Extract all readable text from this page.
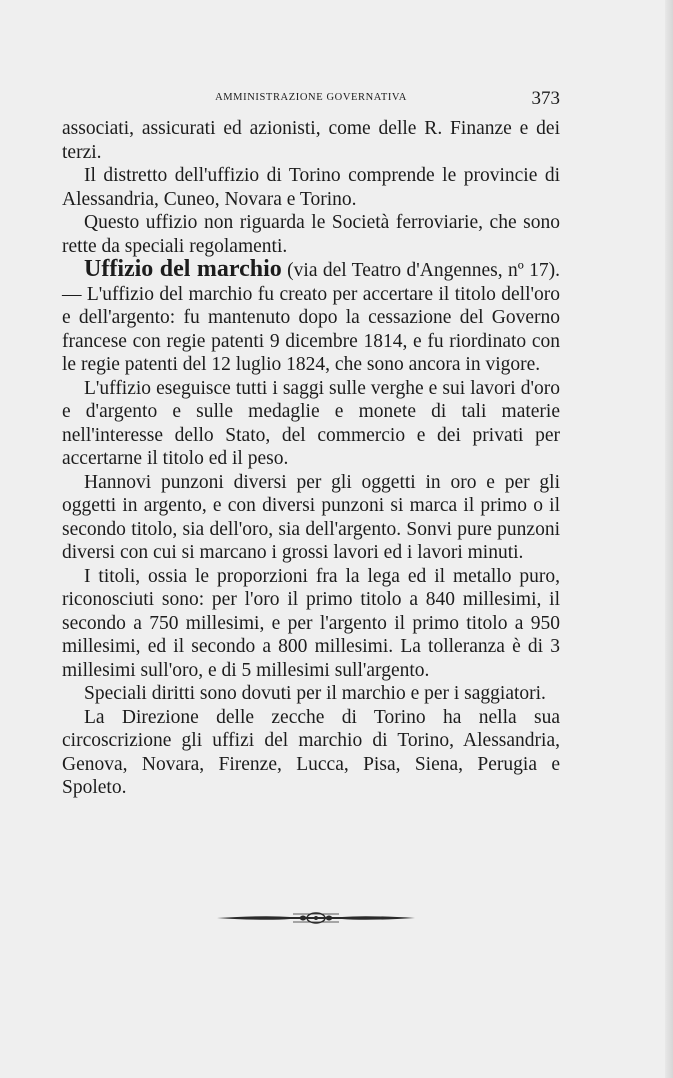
AMMINISTRAZIONE GOVERNATIVA	373

associati, assicurati ed azionisti, come delle R. Finanze e dei terzi.

Il distretto dell'uffizio di Torino comprende le provincie di Alessandria, Cuneo, Novara e Torino.

Questo uffizio non riguarda le Società ferroviarie, che sono rette da speciali regolamenti.

Uffizio del marchio (via del Teatro d'Angennes, nº 17). — L'uffizio del marchio fu creato per accertare il titolo dell'oro e dell'argento: fu mantenuto dopo la cessazione del Governo francese con regie patenti 9 dicembre 1814, e fu riordinato con le regie patenti del 12 luglio 1824, che sono ancora in vigore.

L'uffizio eseguisce tutti i saggi sulle verghe e sui lavori d'oro e d'argento e sulle medaglie e monete di tali materie nell'interesse dello Stato, del commercio e dei privati per accertarne il titolo ed il peso.

Hannovi punzoni diversi per gli oggetti in oro e per gli oggetti in argento, e con diversi punzoni si marca il primo o il secondo titolo, sia dell'oro, sia dell'argento. Sonvi pure punzoni diversi con cui si marcano i grossi lavori ed i lavori minuti.

I titoli, ossia le proporzioni fra la lega ed il metallo puro, riconosciuti sono: per l'oro il primo titolo a 840 millesimi, il secondo a 750 millesimi, e per l'argento il primo titolo a 950 millesimi, ed il secondo a 800 millesimi. La tolleranza è di 3 millesimi sull'oro, e di 5 millesimi sull'argento.

Speciali diritti sono dovuti per il marchio e per i saggiatori.

La Direzione delle zecche di Torino ha nella sua circoscrizione gli uffizi del marchio di Torino, Alessandria, Genova, Novara, Firenze, Lucca, Pisa, Siena, Perugia e Spoleto.
